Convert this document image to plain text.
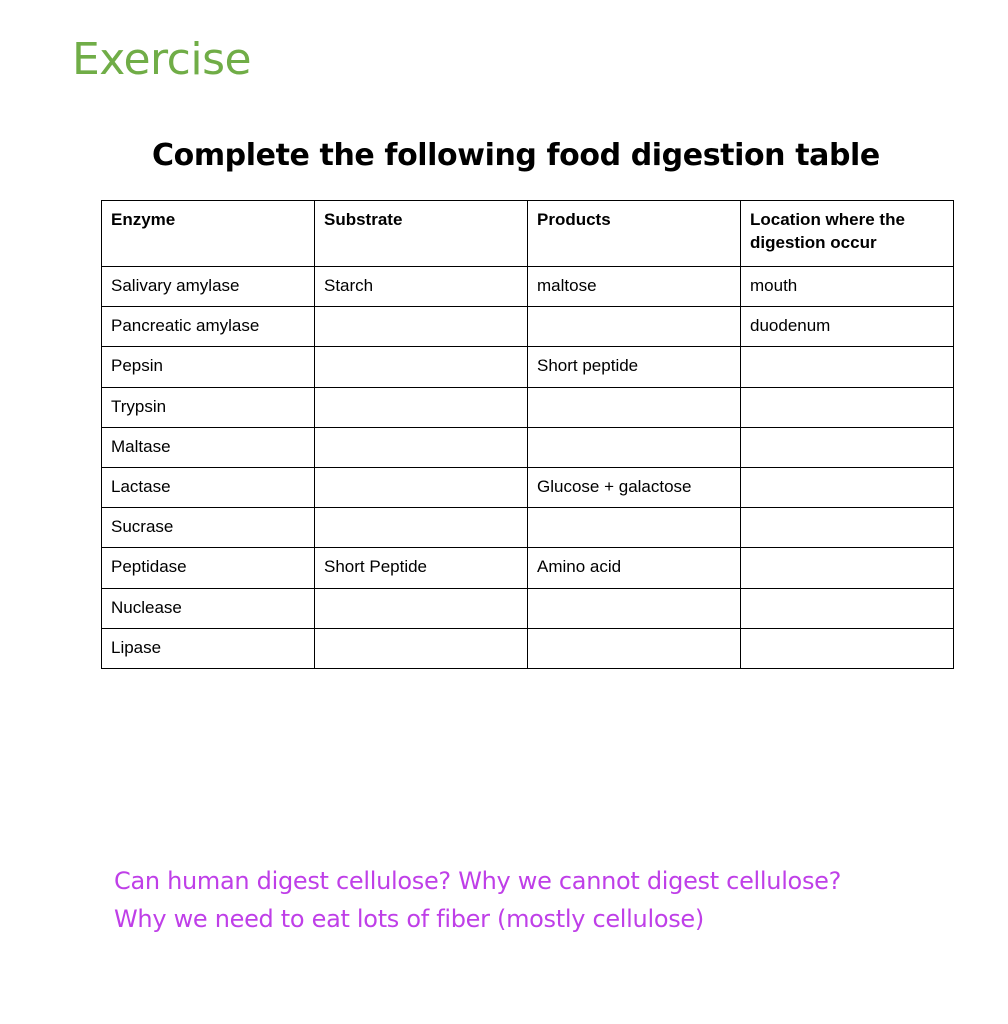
Exercise
Complete the following food digestion table
Enzyme	Substrate	Products	Location where the digestion occur
Salivary amylase	Starch	maltose	mouth
Pancreatic amylase			duodenum
Pepsin		Short peptide	
Trypsin			
Maltase			
Lactase		Glucose + galactose	
Sucrase			
Peptidase	Short Peptide	Amino acid	
Nuclease			
Lipase			

Can human digest cellulose? Why we cannot digest cellulose?

Why we need to eat lots of fiber (mostly cellulose)
